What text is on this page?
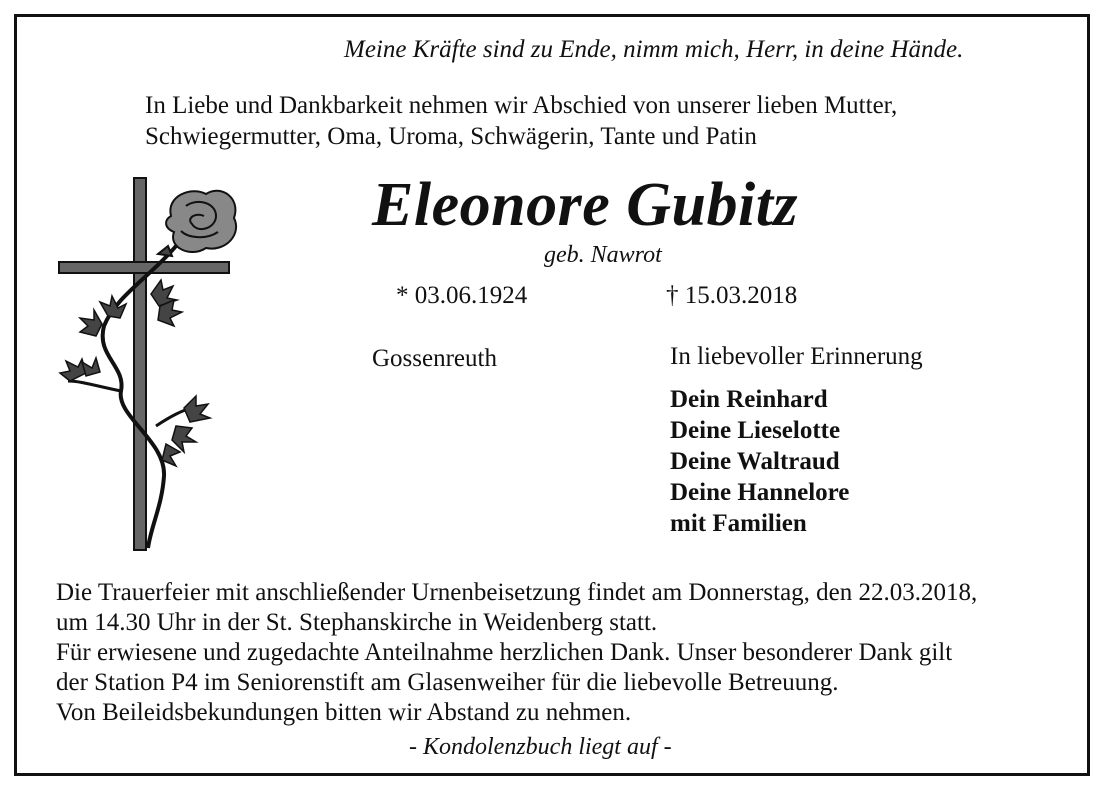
Meine Kräfte sind zu Ende, nimm mich, Herr, in deine Hände.
In Liebe und Dankbarkeit nehmen wir Abschied von unserer lieben Mutter,
Schwiegermutter, Oma, Uroma, Schwägerin, Tante und Patin
Eleonore Gubitz
geb. Nawrot
* 03.06.1924	† 15.03.2018
Gossenreuth	In liebevoller Erinnerung
Dein Reinhard
Deine Lieselotte
Deine Waltraud
Deine Hannelore
mit Familien
Die Trauerfeier mit anschließender Urnenbeisetzung findet am Donnerstag, den 22.03.2018,
um 14.30 Uhr in der St. Stephanskirche in Weidenberg statt.
Für erwiesene und zugedachte Anteilnahme herzlichen Dank. Unser besonderer Dank gilt
der Station P4 im Seniorenstift am Glasenweiher für die liebevolle Betreuung.
Von Beileidsbekundungen bitten wir Abstand zu nehmen.
- Kondolenzbuch liegt auf -
